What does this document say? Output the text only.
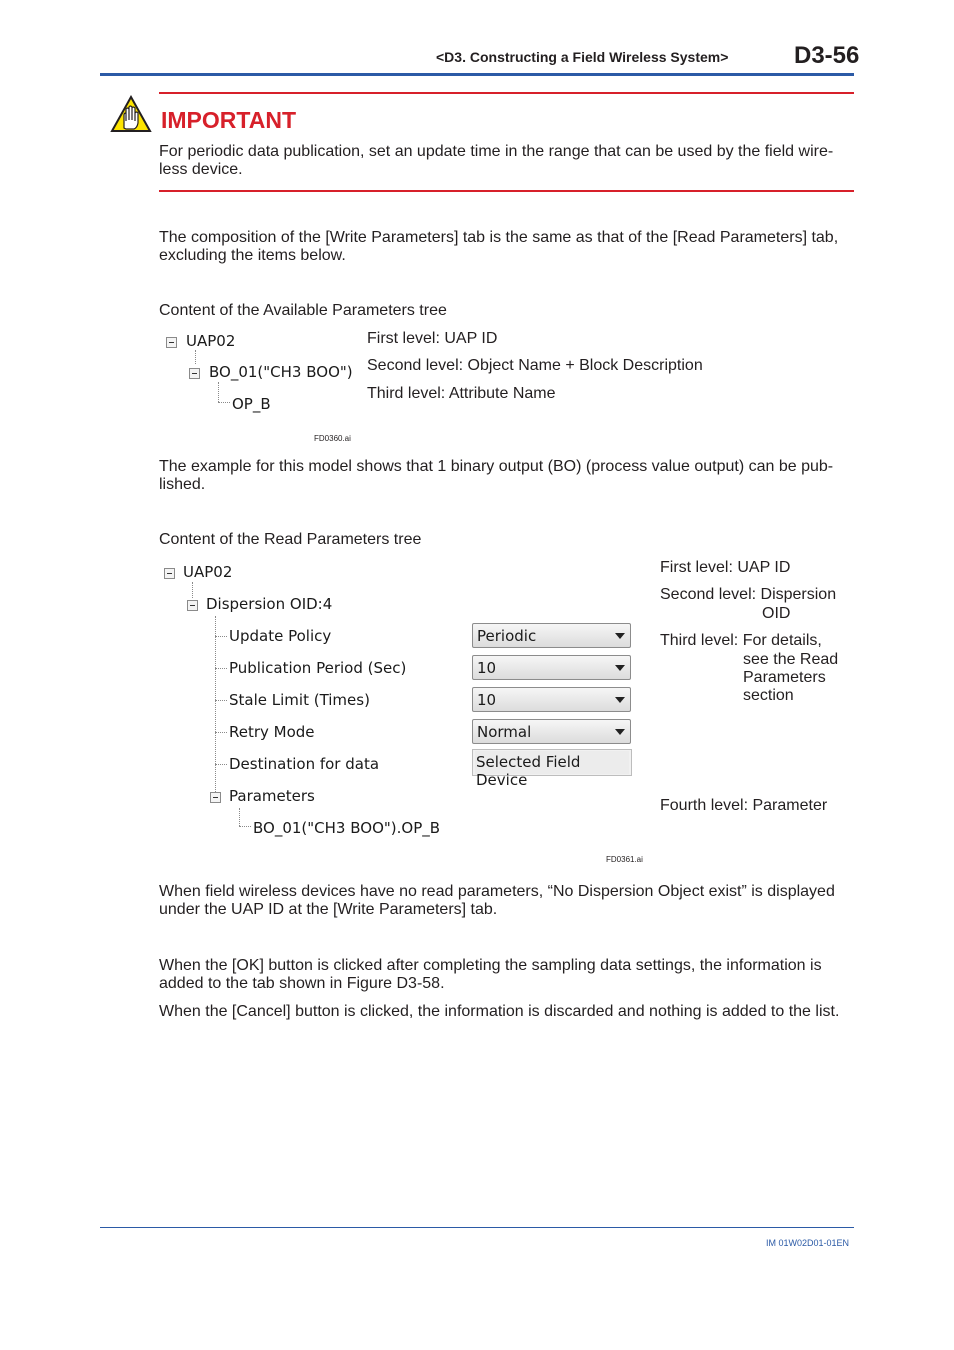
<D3. Constructing a Field Wireless System>	D3-56
IMPORTANT
For periodic data publication, set an update time in the range that can be used by the field wire-less device.
The composition of the [Write Parameters] tab is the same as that of the [Read Parameters] tab, excluding the items below.
Content of the Available Parameters tree
UAP02
BO_01("CH3 BOO")
OP_B
First level: UAP ID
Second level: Object Name + Block Description
Third level: Attribute Name
FD0360.ai
The example for this model shows that 1 binary output (BO) (process value output) can be pub-lished.
Content of the Read Parameters tree
UAP02
Dispersion OID:4
Update Policy
Publication Period (Sec)
Stale Limit (Times)
Retry Mode
Destination for data
Parameters
BO_01("CH3 BOO").OP_B
Periodic
10
10
Normal
Selected Field Device
First level: UAP ID
Second level: Dispersion
OID
Third level: For details,
see the Read
Parameters
section
Fourth level: Parameter
FD0361.ai
When field wireless devices have no read parameters, “No Dispersion Object exist” is displayed under the UAP ID at the [Write Parameters] tab.
When the [OK] button is clicked after completing the sampling data settings, the information is added to the tab shown in Figure D3-58.
When the [Cancel] button is clicked, the information is discarded and nothing is added to the list.
IM 01W02D01-01EN
